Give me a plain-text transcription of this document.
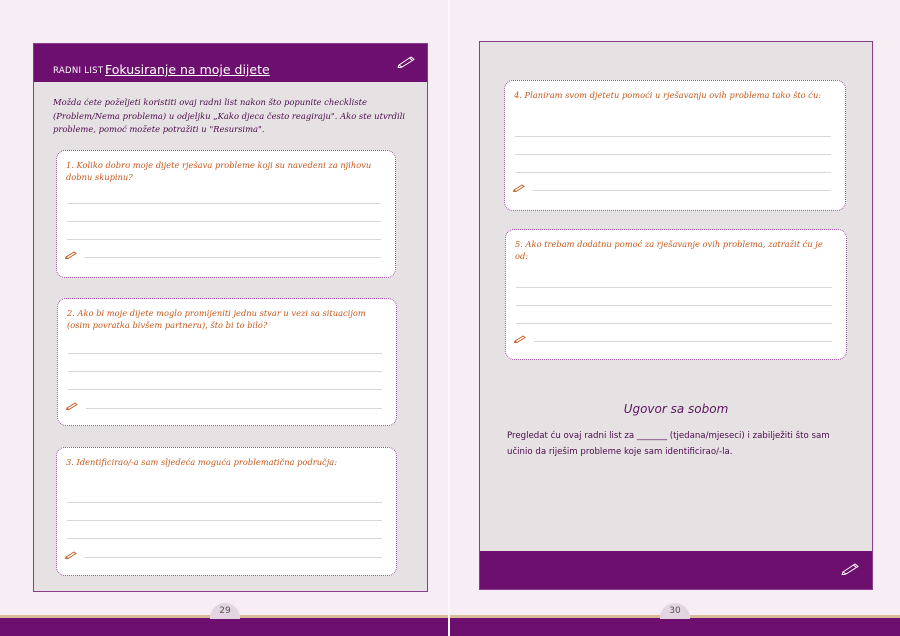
RADNI LIST :
Fokusiranje na moje dijete
Možda ćete poželjeti koristiti ovaj radni list nakon što popunite checkliste (Problem/Nema problema) u odjeljku „Kako djeca često reagiraju". Ako ste utvrdili probleme, pomoć možete potražiti u "Resursima".
1. Koliko dobro moje dijete rješava probleme koji su navedeni za njihovu dobnu skupinu?
2. Ako bi moje dijete moglo promijeniti jednu stvar u vezi sa situacijom (osim povratka bivšem partneru), što bi to bilo?
3. Identificirao/-a sam sljedeća moguća problematična područja:
29
4. Planiram svom djetetu pomoći u rješavanju ovih problema tako što ću:
5. Ako trebam dodatnu pomoć za rješavanje ovih problema, zatražit ću je od:
Ugovor sa sobom
Pregledat ću ovaj radni list za _______ (tjedana/mjeseci) i zabilježiti što sam učinio da riješim probleme koje sam identificirao/-la.
30
